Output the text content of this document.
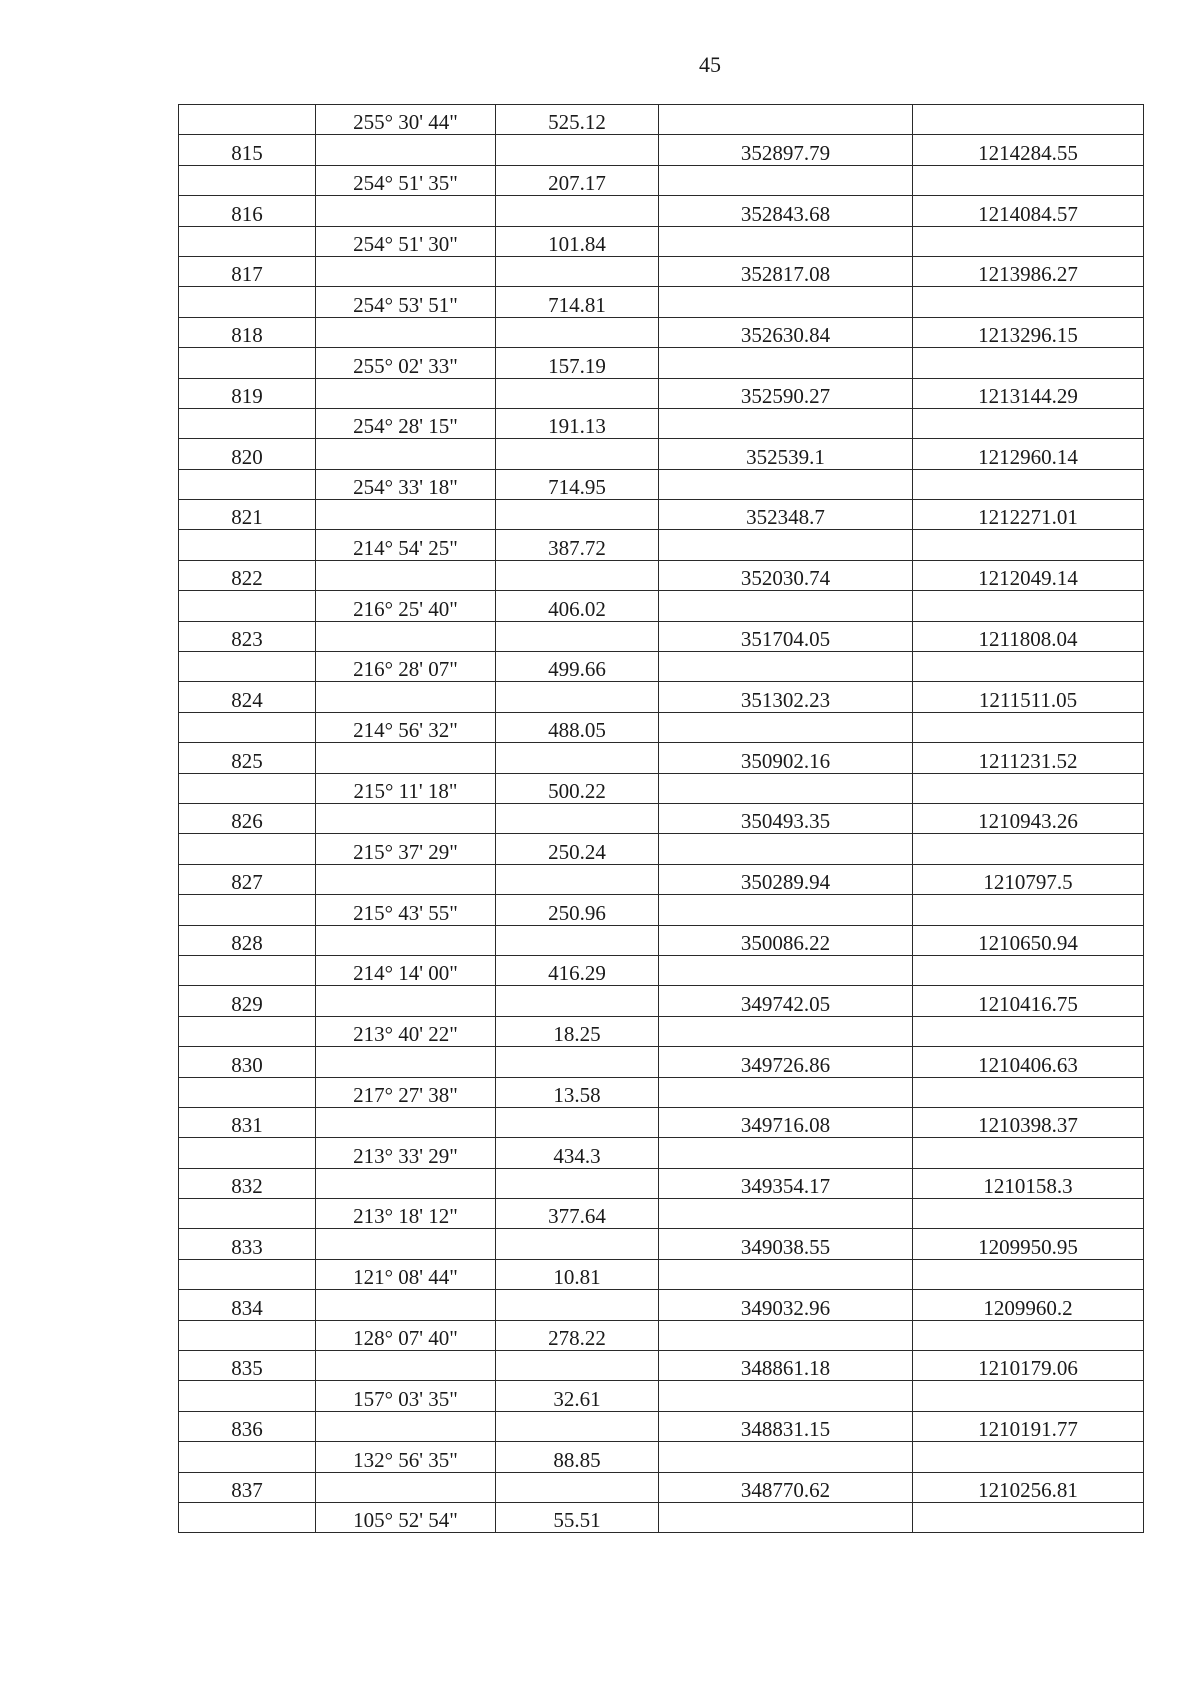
45
	255° 30' 44"	525.12		
815			352897.79	1214284.55
	254° 51' 35"	207.17		
816			352843.68	1214084.57
	254° 51' 30"	101.84		
817			352817.08	1213986.27
	254° 53' 51"	714.81		
818			352630.84	1213296.15
	255° 02' 33"	157.19		
819			352590.27	1213144.29
	254° 28' 15"	191.13		
820			352539.1	1212960.14
	254° 33' 18"	714.95		
821			352348.7	1212271.01
	214° 54' 25"	387.72		
822			352030.74	1212049.14
	216° 25' 40"	406.02		
823			351704.05	1211808.04
	216° 28' 07"	499.66		
824			351302.23	1211511.05
	214° 56' 32"	488.05		
825			350902.16	1211231.52
	215° 11' 18"	500.22		
826			350493.35	1210943.26
	215° 37' 29"	250.24		
827			350289.94	1210797.5
	215° 43' 55"	250.96		
828			350086.22	1210650.94
	214° 14' 00"	416.29		
829			349742.05	1210416.75
	213° 40' 22"	18.25		
830			349726.86	1210406.63
	217° 27' 38"	13.58		
831			349716.08	1210398.37
	213° 33' 29"	434.3		
832			349354.17	1210158.3
	213° 18' 12"	377.64		
833			349038.55	1209950.95
	121° 08' 44"	10.81		
834			349032.96	1209960.2
	128° 07' 40"	278.22		
835			348861.18	1210179.06
	157° 03' 35"	32.61		
836			348831.15	1210191.77
	132° 56' 35"	88.85		
837			348770.62	1210256.81
	105° 52' 54"	55.51		
